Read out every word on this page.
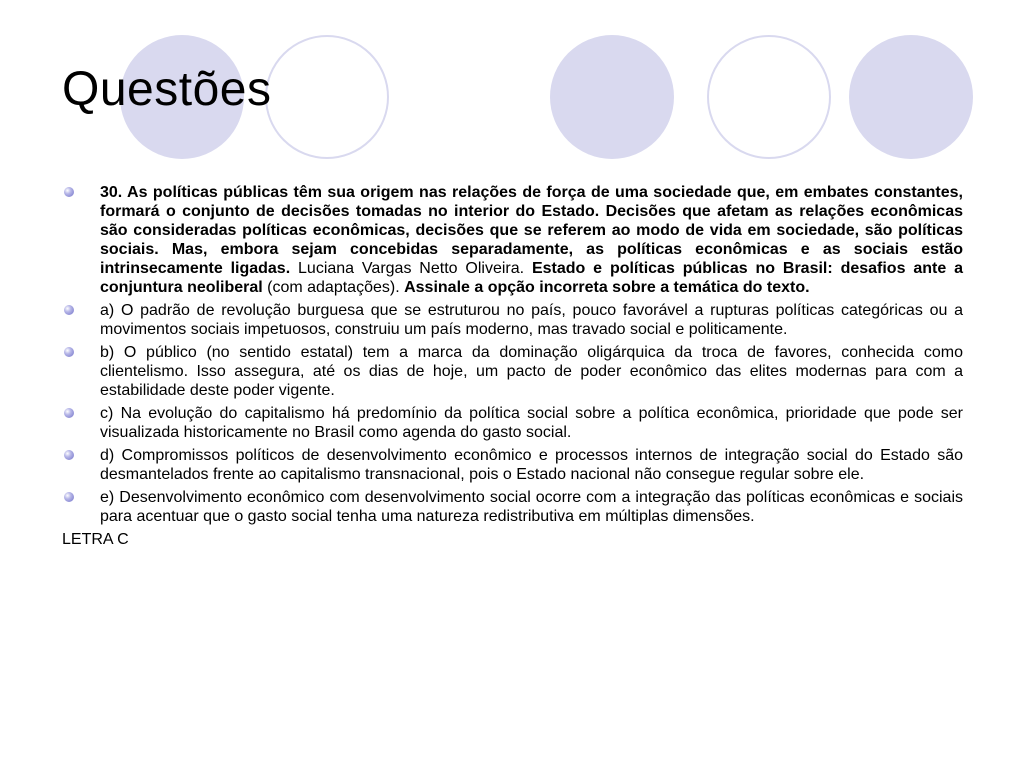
Questões
30. As políticas públicas têm sua origem nas relações de força de uma sociedade que, em embates constantes, formará o conjunto de decisões tomadas no interior do Estado. Decisões que afetam as relações econômicas são consideradas políticas econômicas, decisões que se referem ao modo de vida em sociedade, são políticas sociais. Mas, embora sejam concebidas separadamente, as políticas econômicas e as sociais estão intrinsecamente ligadas. Luciana Vargas Netto Oliveira. Estado e políticas públicas no Brasil: desafios ante a conjuntura neoliberal (com adaptações). Assinale a opção incorreta sobre a temática do texto.
a) O padrão de revolução burguesa que se estruturou no país, pouco favorável a rupturas políticas categóricas ou a movimentos sociais impetuosos, construiu um país moderno, mas travado social e politicamente.
b) O público (no sentido estatal) tem a marca da dominação oligárquica da troca de favores, conhecida como clientelismo. Isso assegura, até os dias de hoje, um pacto de poder econômico das elites modernas para com a estabilidade deste poder vigente.
c) Na evolução do capitalismo há predomínio da política social sobre a política econômica, prioridade que pode ser visualizada historicamente no Brasil como agenda do gasto social.
d) Compromissos políticos de desenvolvimento econômico e processos internos de integração social do Estado são desmantelados frente ao capitalismo transnacional, pois o Estado nacional não consegue regular sobre ele.
e) Desenvolvimento econômico com desenvolvimento social ocorre com a integração das políticas econômicas e sociais para acentuar que o gasto social tenha uma natureza redistributiva em múltiplas dimensões.
LETRA C
